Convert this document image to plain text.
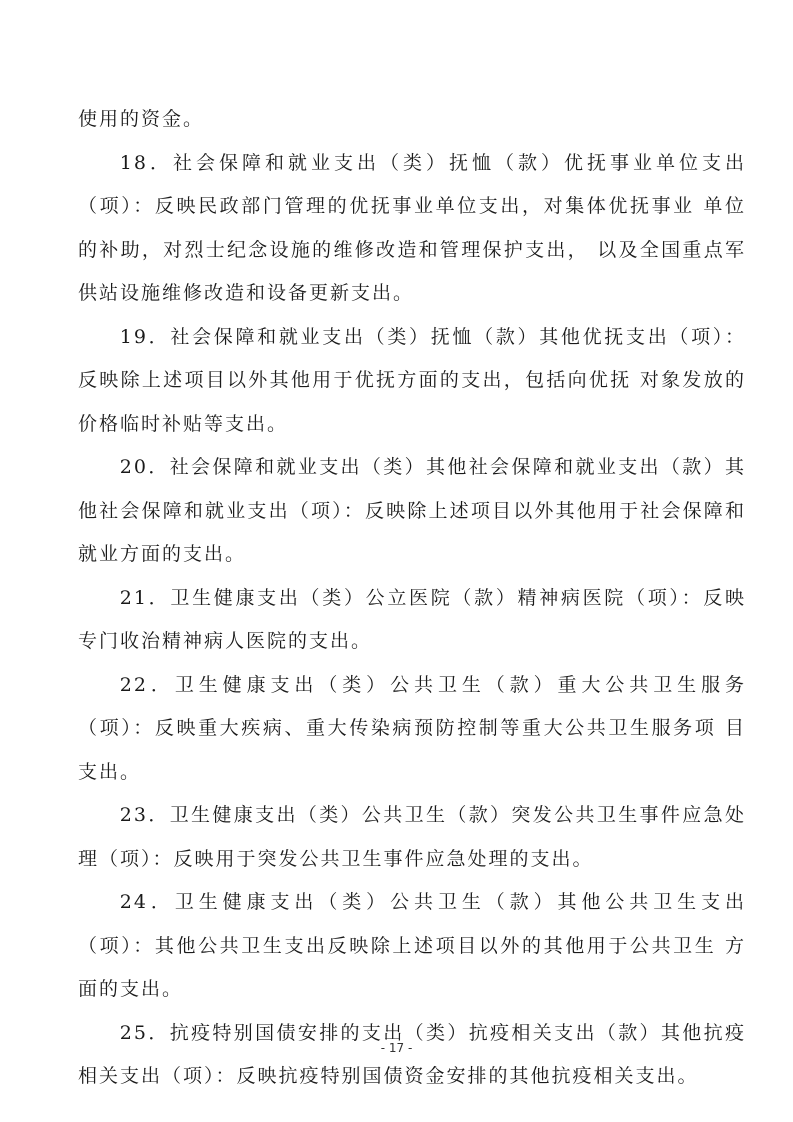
使用的资金。

18．社会保障和就业支出（类）抚恤（款）优抚事业单位支出（项）：反映民政部门管理的优抚事业单位支出，对集体优抚事业 单位的补助，对烈士纪念设施的维修改造和管理保护支出， 以及全国重点军供站设施维修改造和设备更新支出。

19．社会保障和就业支出（类）抚恤（款）其他优抚支出（项）：反映除上述项目以外其他用于优抚方面的支出，包括向优抚 对象发放的价格临时补贴等支出。

20．社会保障和就业支出（类）其他社会保障和就业支出（款）其他社会保障和就业支出（项）：反映除上述项目以外其他用于社会保障和就业方面的支出。

21．卫生健康支出（类）公立医院（款）精神病医院（项）：反映专门收治精神病人医院的支出。

22．卫生健康支出（类）公共卫生（款）重大公共卫生服务（项）：反映重大疾病、重大传染病预防控制等重大公共卫生服务项 目支出。

23．卫生健康支出（类）公共卫生（款）突发公共卫生事件应急处理（项）：反映用于突发公共卫生事件应急处理的支出。

24．卫生健康支出（类）公共卫生（款）其他公共卫生支出（项）：其他公共卫生支出反映除上述项目以外的其他用于公共卫生 方面的支出。

25．抗疫特别国债安排的支出（类）抗疫相关支出（款）其他抗疫相关支出（项）：反映抗疫特别国债资金安排的其他抗疫相关支出。

- 17 -
